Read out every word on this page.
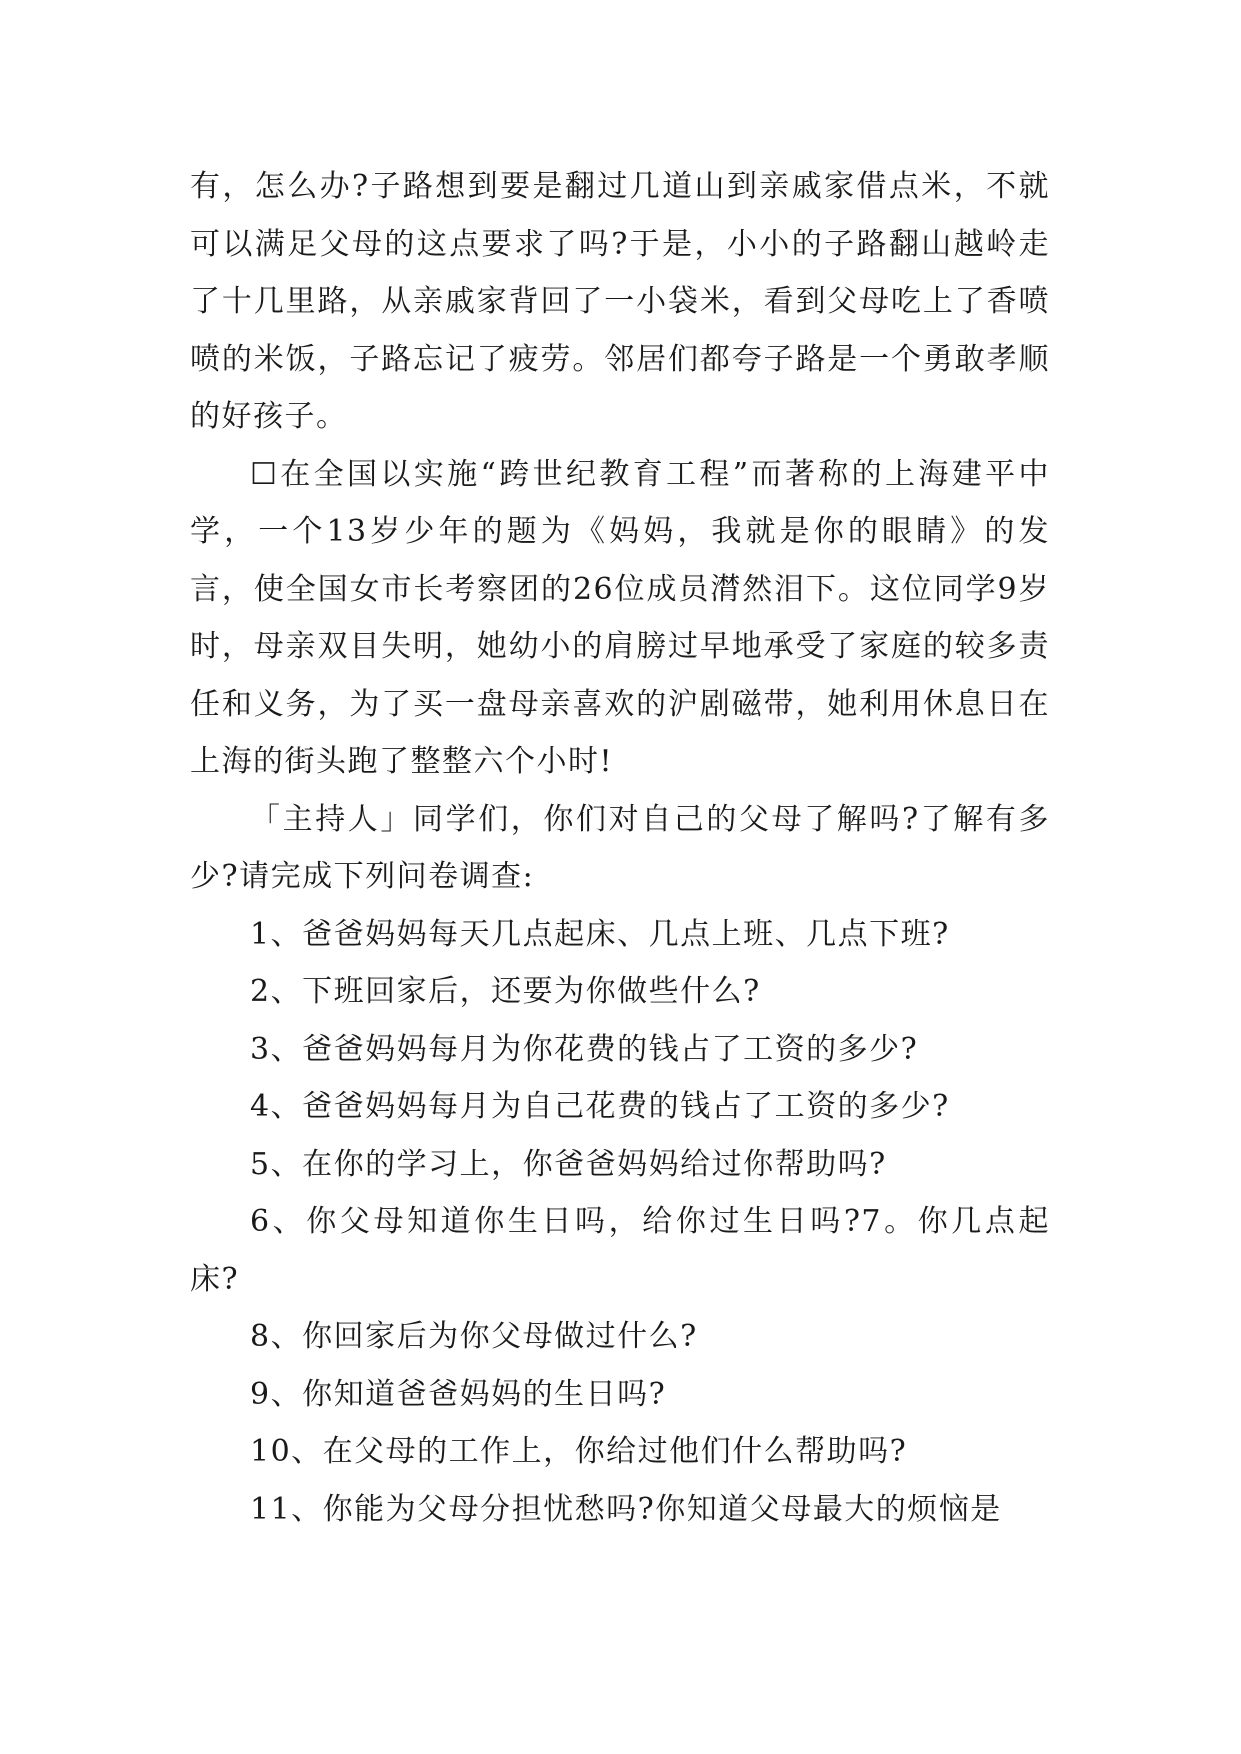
有，怎么办?子路想到要是翻过几道山到亲戚家借点米，不就可以满足父母的这点要求了吗?于是，小小的子路翻山越岭走了十几里路，从亲戚家背回了一小袋米，看到父母吃上了香喷喷的米饭，子路忘记了疲劳。邻居们都夸子路是一个勇敢孝顺的好孩子。

☐在全国以实施“跨世纪教育工程”而著称的上海建平中学，一个13岁少年的题为《妈妈，我就是你的眼睛》的发言，使全国女市长考察团的26位成员潸然泪下。这位同学9岁时，母亲双目失明，她幼小的肩膀过早地承受了家庭的较多责任和义务，为了买一盘母亲喜欢的沪剧磁带，她利用休息日在上海的街头跑了整整六个小时!

「主持人」同学们，你们对自己的父母了解吗?了解有多少?请完成下列问卷调查:

1、爸爸妈妈每天几点起床、几点上班、几点下班?

2、下班回家后，还要为你做些什么?

3、爸爸妈妈每月为你花费的钱占了工资的多少?

4、爸爸妈妈每月为自己花费的钱占了工资的多少?

5、在你的学习上，你爸爸妈妈给过你帮助吗?

6、你父母知道你生日吗，给你过生日吗?7。你几点起床?

8、你回家后为你父母做过什么?

9、你知道爸爸妈妈的生日吗?

10、在父母的工作上，你给过他们什么帮助吗?

11、你能为父母分担忧愁吗?你知道父母最大的烦恼是
